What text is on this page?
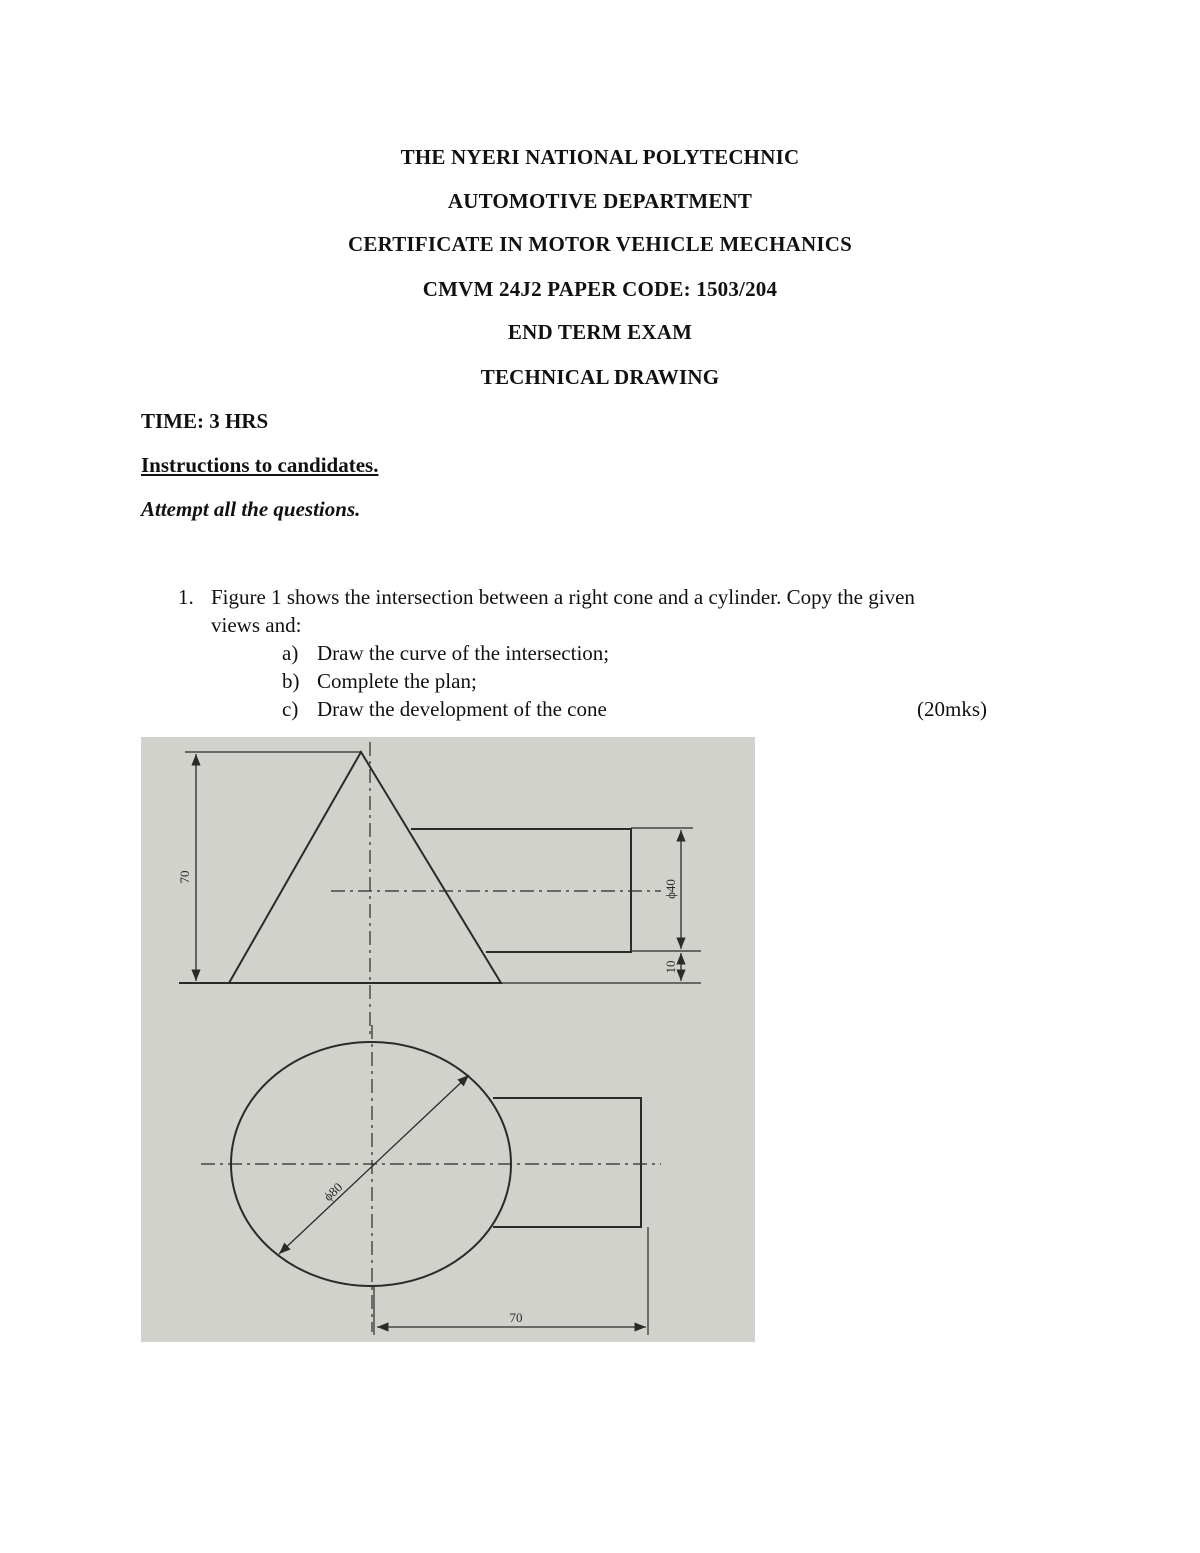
THE NYERI NATIONAL POLYTECHNIC
AUTOMOTIVE DEPARTMENT
CERTIFICATE IN MOTOR VEHICLE MECHANICS
CMVM 24J2 PAPER CODE: 1503/204
END TERM EXAM
TECHNICAL DRAWING
TIME: 3 HRS
Instructions to candidates.
Attempt all the questions.
1. Figure 1 shows the intersection between a right cone and a cylinder. Copy the given
views and:
a) Draw the curve of the intersection;
b) Complete the plan;
c) Draw the development of the cone	(20mks)
70
ϕ40
10
ϕ80
70
